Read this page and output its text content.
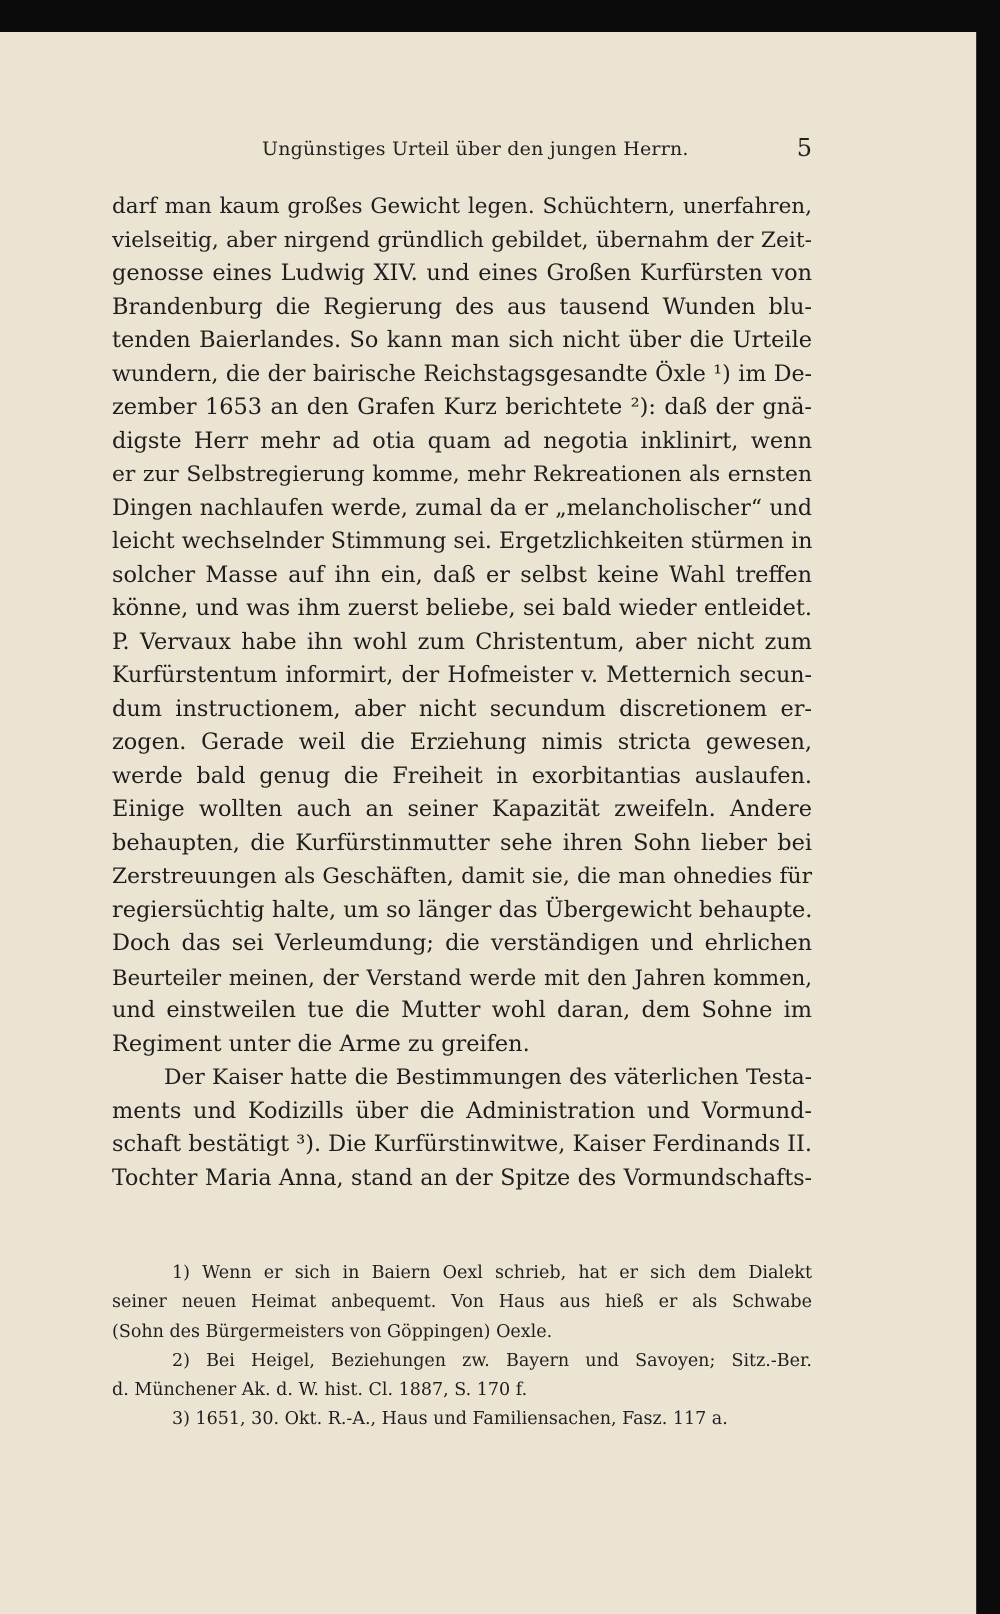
Ungünstiges Urteil über den jungen Herrn.	5
darf man kaum großes Gewicht legen. Schüchtern, unerfahren,
vielseitig, aber nirgend gründlich gebildet, übernahm der Zeit-
genosse eines Ludwig XIV. und eines Großen Kurfürsten von
Brandenburg die Regierung des aus tausend Wunden blu-
tenden Baierlandes. So kann man sich nicht über die Urteile
wundern, die der bairische Reichstagsgesandte Öxle ¹) im De-
zember 1653 an den Grafen Kurz berichtete ²): daß der gnä-
digste Herr mehr ad otia quam ad negotia inklinirt, wenn
er zur Selbstregierung komme, mehr Rekreationen als ernsten
Dingen nachlaufen werde, zumal da er „melancholischer“ und
leicht wechselnder Stimmung sei. Ergetzlichkeiten stürmen in
solcher Masse auf ihn ein, daß er selbst keine Wahl treffen
könne, und was ihm zuerst beliebe, sei bald wieder entleidet.
P. Vervaux habe ihn wohl zum Christentum, aber nicht zum
Kurfürstentum informirt, der Hofmeister v. Metternich secun-
dum instructionem, aber nicht secundum discretionem er-
zogen. Gerade weil die Erziehung nimis stricta gewesen,
werde bald genug die Freiheit in exorbitantias auslaufen.
Einige wollten auch an seiner Kapazität zweifeln. Andere
behaupten, die Kurfürstinmutter sehe ihren Sohn lieber bei
Zerstreuungen als Geschäften, damit sie, die man ohnedies für
regiersüchtig halte, um so länger das Übergewicht behaupte.
Doch das sei Verleumdung; die verständigen und ehrlichen
Beurteiler meinen, der Verstand werde mit den Jahren kommen,
und einstweilen tue die Mutter wohl daran, dem Sohne im
Regiment unter die Arme zu greifen.
Der Kaiser hatte die Bestimmungen des väterlichen Testa-
ments und Kodizills über die Administration und Vormund-
schaft bestätigt ³). Die Kurfürstinwitwe, Kaiser Ferdinands II.
Tochter Maria Anna, stand an der Spitze des Vormundschafts-
1) Wenn er sich in Baiern Oexl schrieb, hat er sich dem Dialekt
seiner neuen Heimat anbequemt. Von Haus aus hieß er als Schwabe
(Sohn des Bürgermeisters von Göppingen) Oexle.
2) Bei Heigel, Beziehungen zw. Bayern und Savoyen; Sitz.-Ber.
d. Münchener Ak. d. W. hist. Cl. 1887, S. 170 f.
3) 1651, 30. Okt. R.-A., Haus und Familiensachen, Fasz. 117 a.
